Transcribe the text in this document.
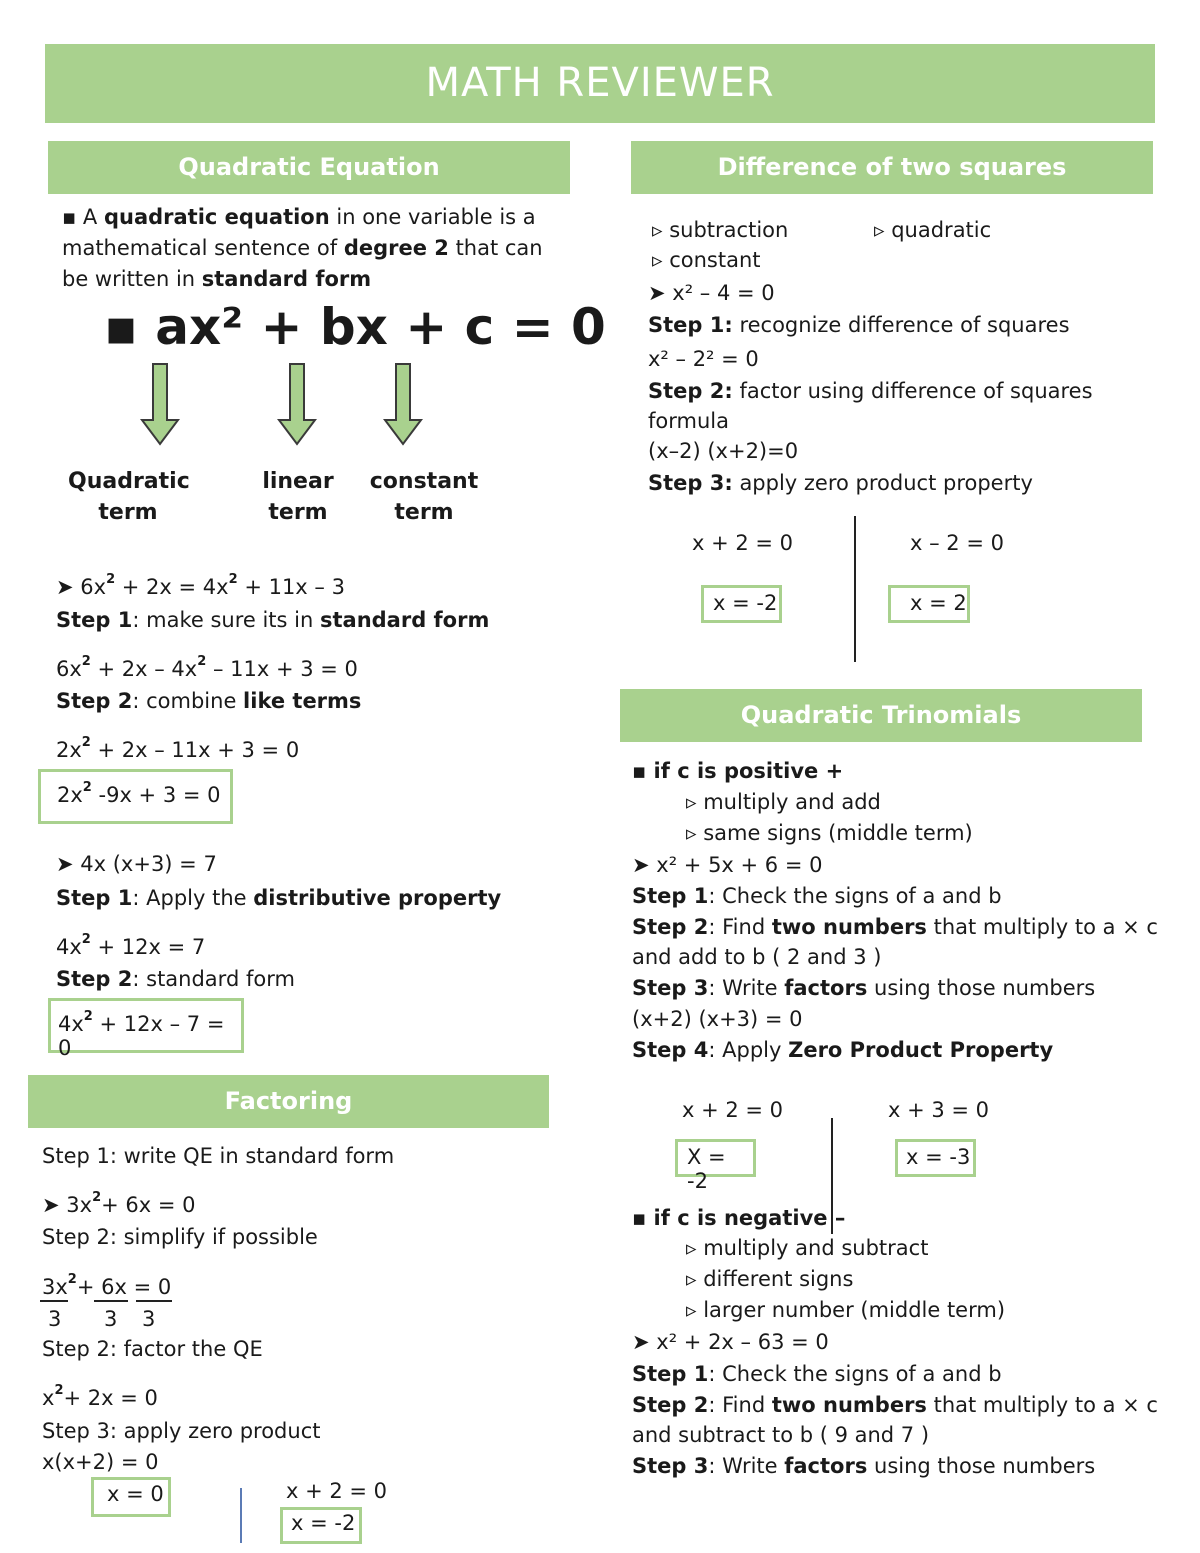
MATH REVIEWER
Quadratic Equation
▪ A quadratic equation in one variable is a
mathematical sentence of degree 2 that can
be written in standard form
▪ ax² + bx + c = 0
Quadratic
term
linear
term
constant
term
➤ $6x^2 + 2x = 4x^2 + 11x - 3$
Step 1: make sure its in standard form
$6x^2 + 2x - 4x^2 - 11x + 3 = 0$
Step 2: combine like terms
$2x^2 + 2x - 11x + 3 = 0$
$2x^2$ -9x + 3 = 0
➤ 4x (x+3) = 7
Step 1: Apply the distributive property
$4x^2 + 12x = 7$
Step 2: standard form
$4x^2 + 12x - 7 = 0$
Factoring
Step 1: write QE in standard form
➤ $3x^2+ 6x = 0$
Step 2: simplify if possible
$3x^2+ 6x = 0$
3 3 3
Step 2: factor the QE
$x^2+ 2x = 0$
Step 3: apply zero product
x(x+2) = 0
x = 0	x + 2 = 0
x = -2
Difference of two squares
▹ subtraction	▹ quadratic
▹ constant
➤ x² – 4 = 0
Step 1: recognize difference of squares
x² – 2² = 0
Step 2: factor using difference of squares
formula
(x–2) (x+2)=0
Step 3: apply zero product property
x + 2 = 0
x = -2
x – 2 = 0
x = 2
Quadratic Trinomials
▪ if c is positive +
▹ multiply and add
▹ same signs (middle term)
➤ x² + 5x + 6 = 0
Step 1: Check the signs of a and b
Step 2: Find two numbers that multiply to a × c
and add to b ( 2 and 3 )
Step 3: Write factors using those numbers
(x+2) (x+3) = 0
Step 4: Apply Zero Product Property
x + 2 = 0
X = -2
x + 3 = 0
x = -3
▪ if c is negative –
▹ multiply and subtract
▹ different signs
▹ larger number (middle term)
➤ x² + 2x – 63 = 0
Step 1: Check the signs of a and b
Step 2: Find two numbers that multiply to a × c
and subtract to b ( 9 and 7 )
Step 3: Write factors using those numbers
